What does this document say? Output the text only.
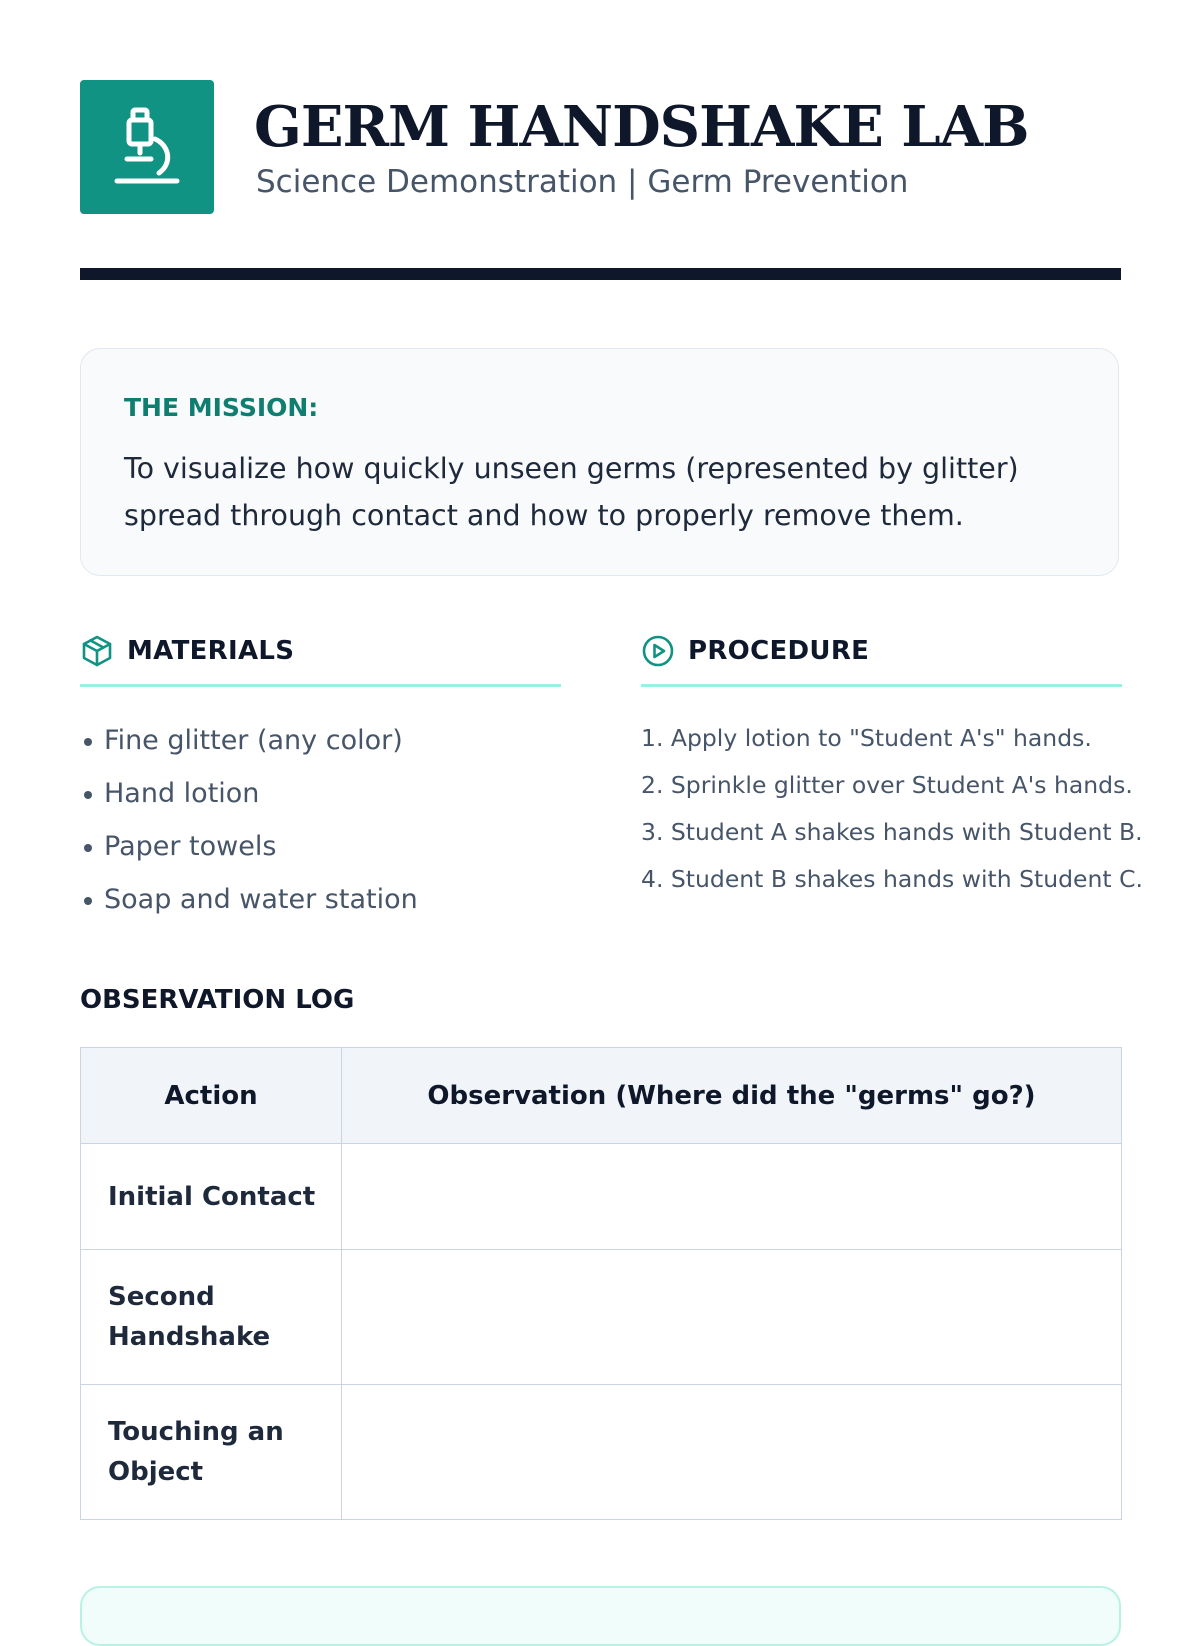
GERM HANDSHAKE LAB
Science Demonstration | Germ Prevention
THE MISSION:
To visualize how quickly unseen germs (represented by glitter) spread through contact and how to properly remove them.
MATERIALS
Fine glitter (any color)
Hand lotion
Paper towels
Soap and water station
PROCEDURE
1. Apply lotion to "Student A's" hands.
2. Sprinkle glitter over Student A's hands.
3. Student A shakes hands with Student B.
4. Student B shakes hands with Student C.
OBSERVATION LOG
Action	Observation (Where did the "germs" go?)
Initial Contact	
Second Handshake	
Touching an Object	
